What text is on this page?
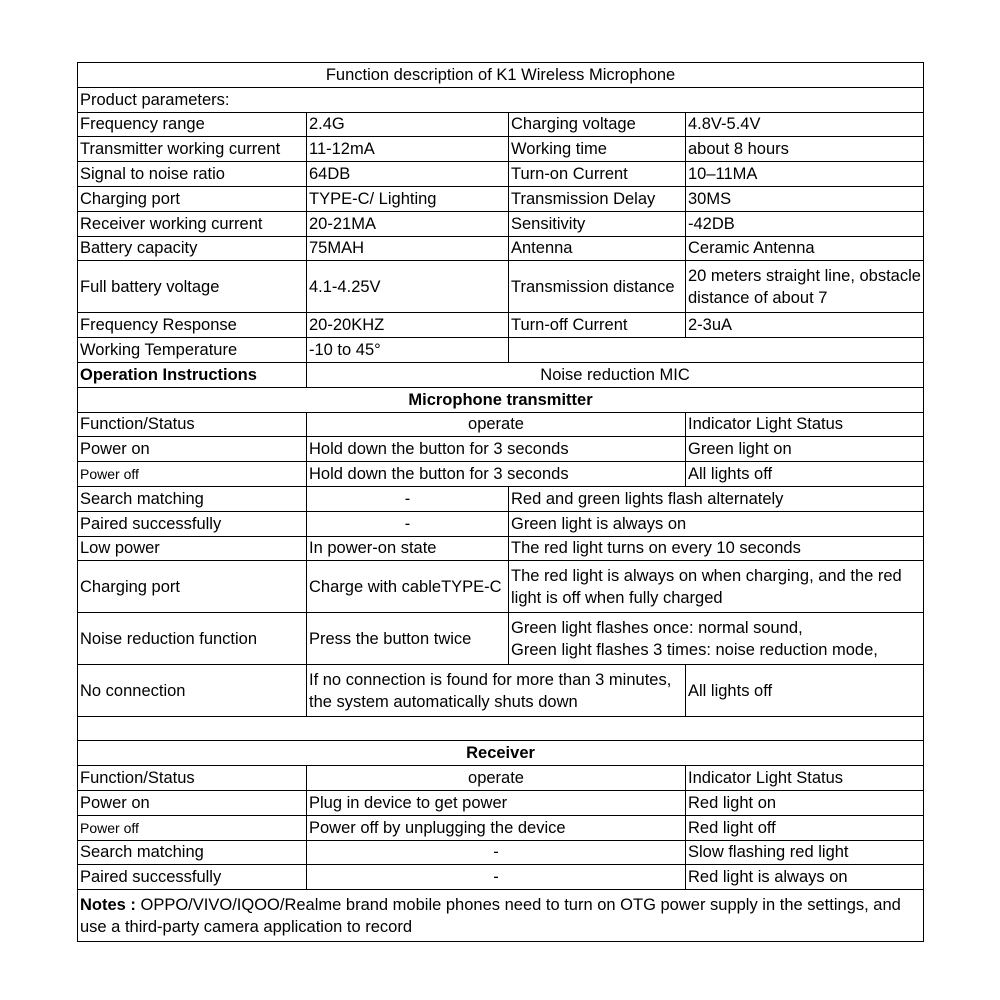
Function description of K1 Wireless Microphone			
Product parameters:			
Frequency range	2.4G	Charging voltage	4.8V-5.4V
Transmitter working current	11-12mA	Working time	about 8 hours
Signal to noise ratio	64DB	Turn-on Current	10–11MA
Charging port	TYPE-C/ Lighting	Transmission Delay	30MS
Receiver working current	20-21MA	Sensitivity	-42DB
Battery capacity	75MAH	Antenna	Ceramic Antenna
Full battery voltage	4.1-4.25V	Transmission distance	20 meters straight line, obstacle distance of about 7
Frequency Response	20-20KHZ	Turn-off Current	2-3uA
Working Temperature	-10 to 45°		
Operation Instructions	Noise reduction MIC		
Microphone transmitter			
Function/Status	operate		Indicator Light Status
Power on	Hold down the button for 3 seconds		Green light on
Power off	Hold down the button for 3 seconds		All lights off
Search matching	-	Red and green lights flash alternately	
Paired successfully	-	Green light is always on	
Low power	In power-on state	The red light turns on every 10 seconds	
Charging port	Charge with cableTYPE-C	The red light is always on when charging, and the red light is off when fully charged	
Noise reduction function	Press the button twice	Green light flashes once: normal sound,
Green light flashes 3 times: noise reduction mode,	

No connection	If no connection is found for more than 3 minutes, the system automatically shuts down		All lights off

Receiver			
Function/Status	operate		Indicator Light Status
Power on	Plug in device to get power		Red light on
Power off	Power off by unplugging the device		Red light off
Search matching	-		Slow flashing red light
Paired successfully	-		Red light is always on
Notes : OPPO/VIVO/IQOO/Realme brand mobile phones need to turn on OTG power supply in the settings, and use a third-party camera application to record			
